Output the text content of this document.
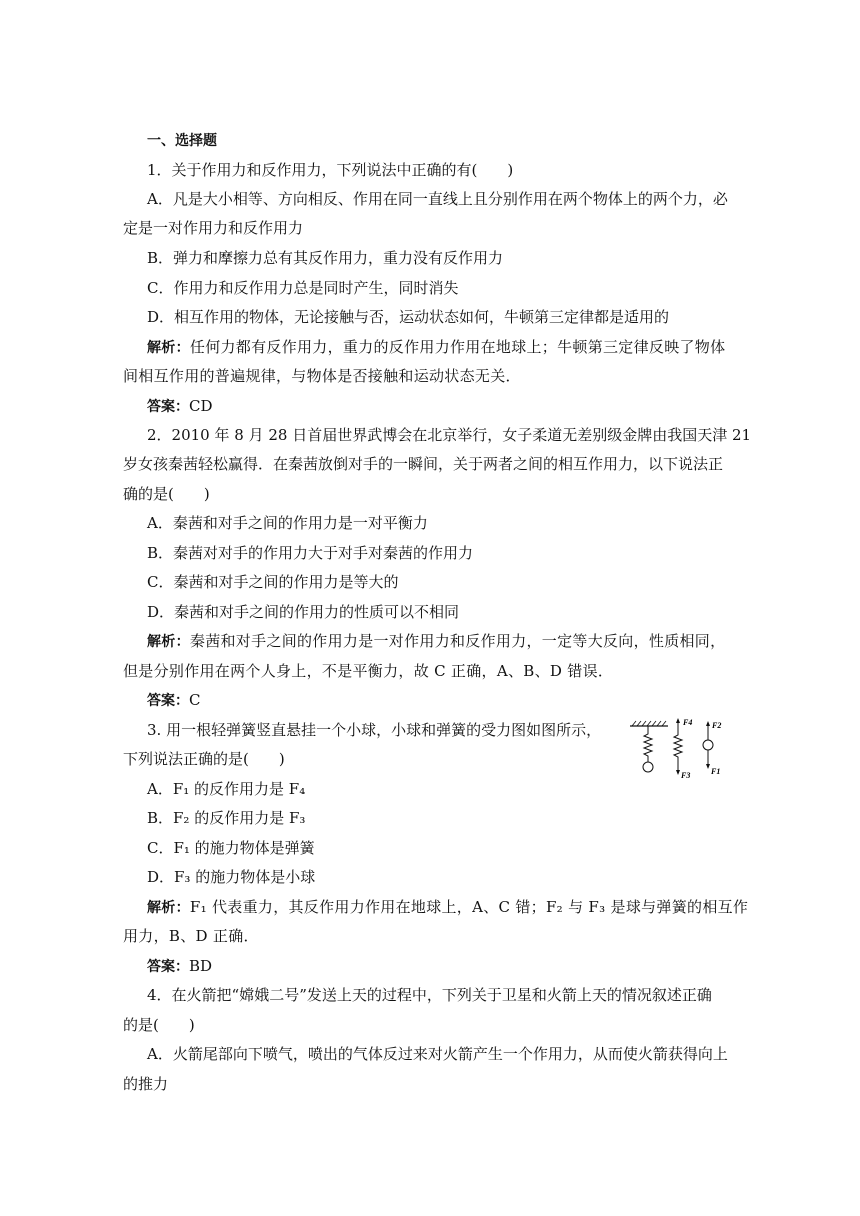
一、选择题
1．关于作用力和反作用力，下列说法中正确的有(　　)
A．凡是大小相等、方向相反、作用在同一直线上且分别作用在两个物体上的两个力，必
定是一对作用力和反作用力
B．弹力和摩擦力总有其反作用力，重力没有反作用力
C．作用力和反作用力总是同时产生，同时消失
D．相互作用的物体，无论接触与否，运动状态如何，牛顿第三定律都是适用的
解析：任何力都有反作用力，重力的反作用力作用在地球上；牛顿第三定律反映了物体
间相互作用的普遍规律，与物体是否接触和运动状态无关．
答案：CD
2．2010 年 8 月 28 日首届世界武博会在北京举行，女子柔道无差别级金牌由我国天津 21
岁女孩秦茜轻松赢得．在秦茜放倒对手的一瞬间，关于两者之间的相互作用力，以下说法正
确的是(　　)
A．秦茜和对手之间的作用力是一对平衡力
B．秦茜对对手的作用力大于对手对秦茜的作用力
C．秦茜和对手之间的作用力是等大的
D．秦茜和对手之间的作用力的性质可以不相同
解析：秦茜和对手之间的作用力是一对作用力和反作用力，一定等大反向，性质相同，
但是分别作用在两个人身上，不是平衡力，故 C 正确，A、B、D 错误．
答案：C
3. 用一根轻弹簧竖直悬挂一个小球，小球和弹簧的受力图如图所示，
下列说法正确的是(　　)
F4
F3
F2
F1
A．F₁ 的反作用力是 F₄
B．F₂ 的反作用力是 F₃
C．F₁ 的施力物体是弹簧
D．F₃ 的施力物体是小球
解析：F₁ 代表重力，其反作用力作用在地球上，A、C 错；F₂ 与 F₃ 是球与弹簧的相互作
用力，B、D 正确．
答案：BD
4．在火箭把“嫦娥二号”发送上天的过程中，下列关于卫星和火箭上天的情况叙述正确
的是(　　)
A．火箭尾部向下喷气，喷出的气体反过来对火箭产生一个作用力，从而使火箭获得向上
的推力
